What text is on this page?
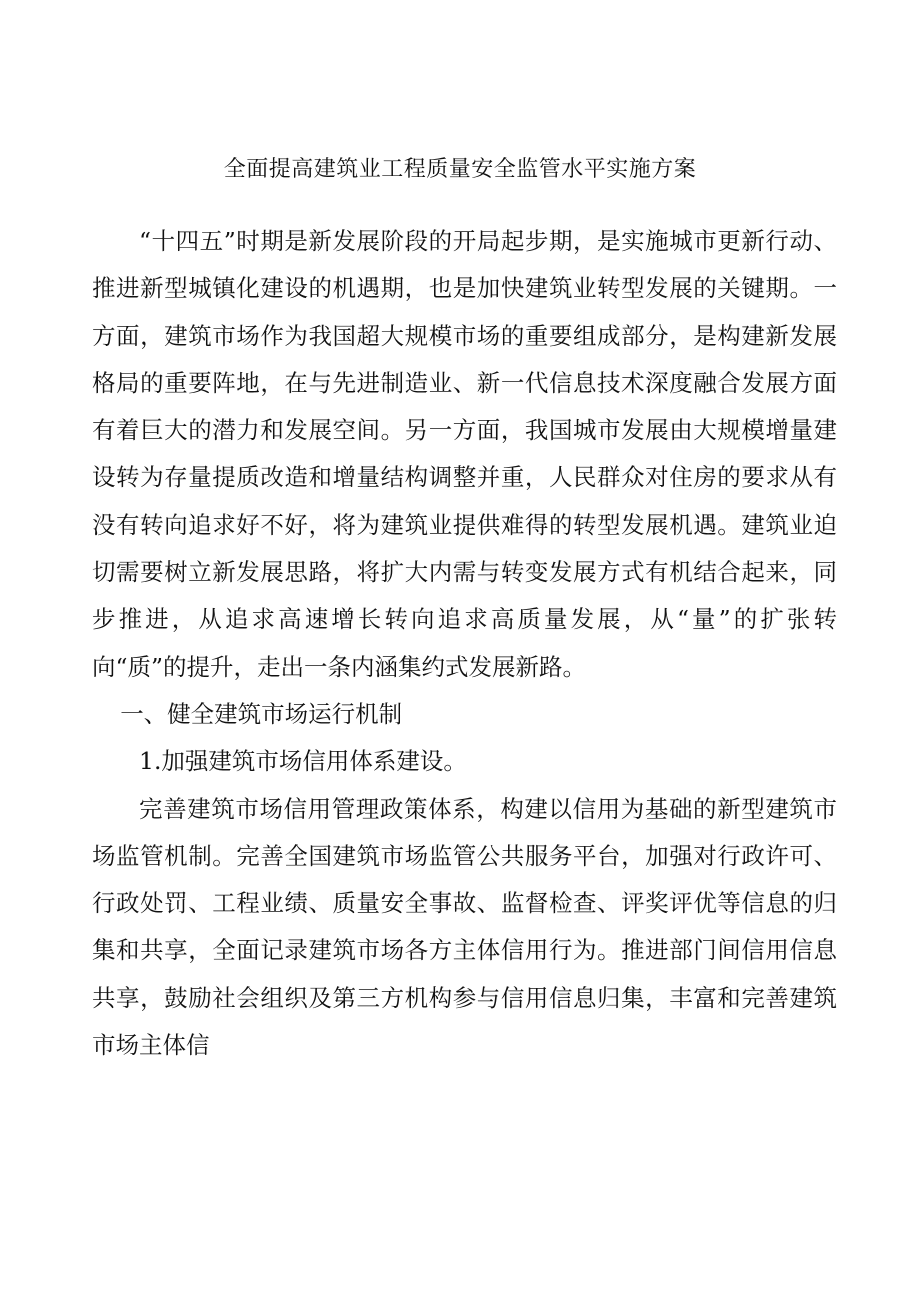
全面提高建筑业工程质量安全监管水平实施方案

“十四五”时期是新发展阶段的开局起步期，是实施城市更新行动、推进新型城镇化建设的机遇期，也是加快建筑业转型发展的关键期。一方面，建筑市场作为我国超大规模市场的重要组成部分，是构建新发展格局的重要阵地，在与先进制造业、新一代信息技术深度融合发展方面有着巨大的潜力和发展空间。另一方面，我国城市发展由大规模增量建设转为存量提质改造和增量结构调整并重，人民群众对住房的要求从有没有转向追求好不好，将为建筑业提供难得的转型发展机遇。建筑业迫切需要树立新发展思路，将扩大内需与转变发展方式有机结合起来，同步推进，从追求高速增长转向追求高质量发展，从“量”的扩张转向“质”的提升，走出一条内涵集约式发展新路。

一、健全建筑市场运行机制

1.加强建筑市场信用体系建设。

完善建筑市场信用管理政策体系，构建以信用为基础的新型建筑市场监管机制。完善全国建筑市场监管公共服务平台，加强对行政许可、行政处罚、工程业绩、质量安全事故、监督检查、评奖评优等信息的归集和共享，全面记录建筑市场各方主体信用行为。推进部门间信用信息共享，鼓励社会组织及第三方机构参与信用信息归集，丰富和完善建筑市场主体信
